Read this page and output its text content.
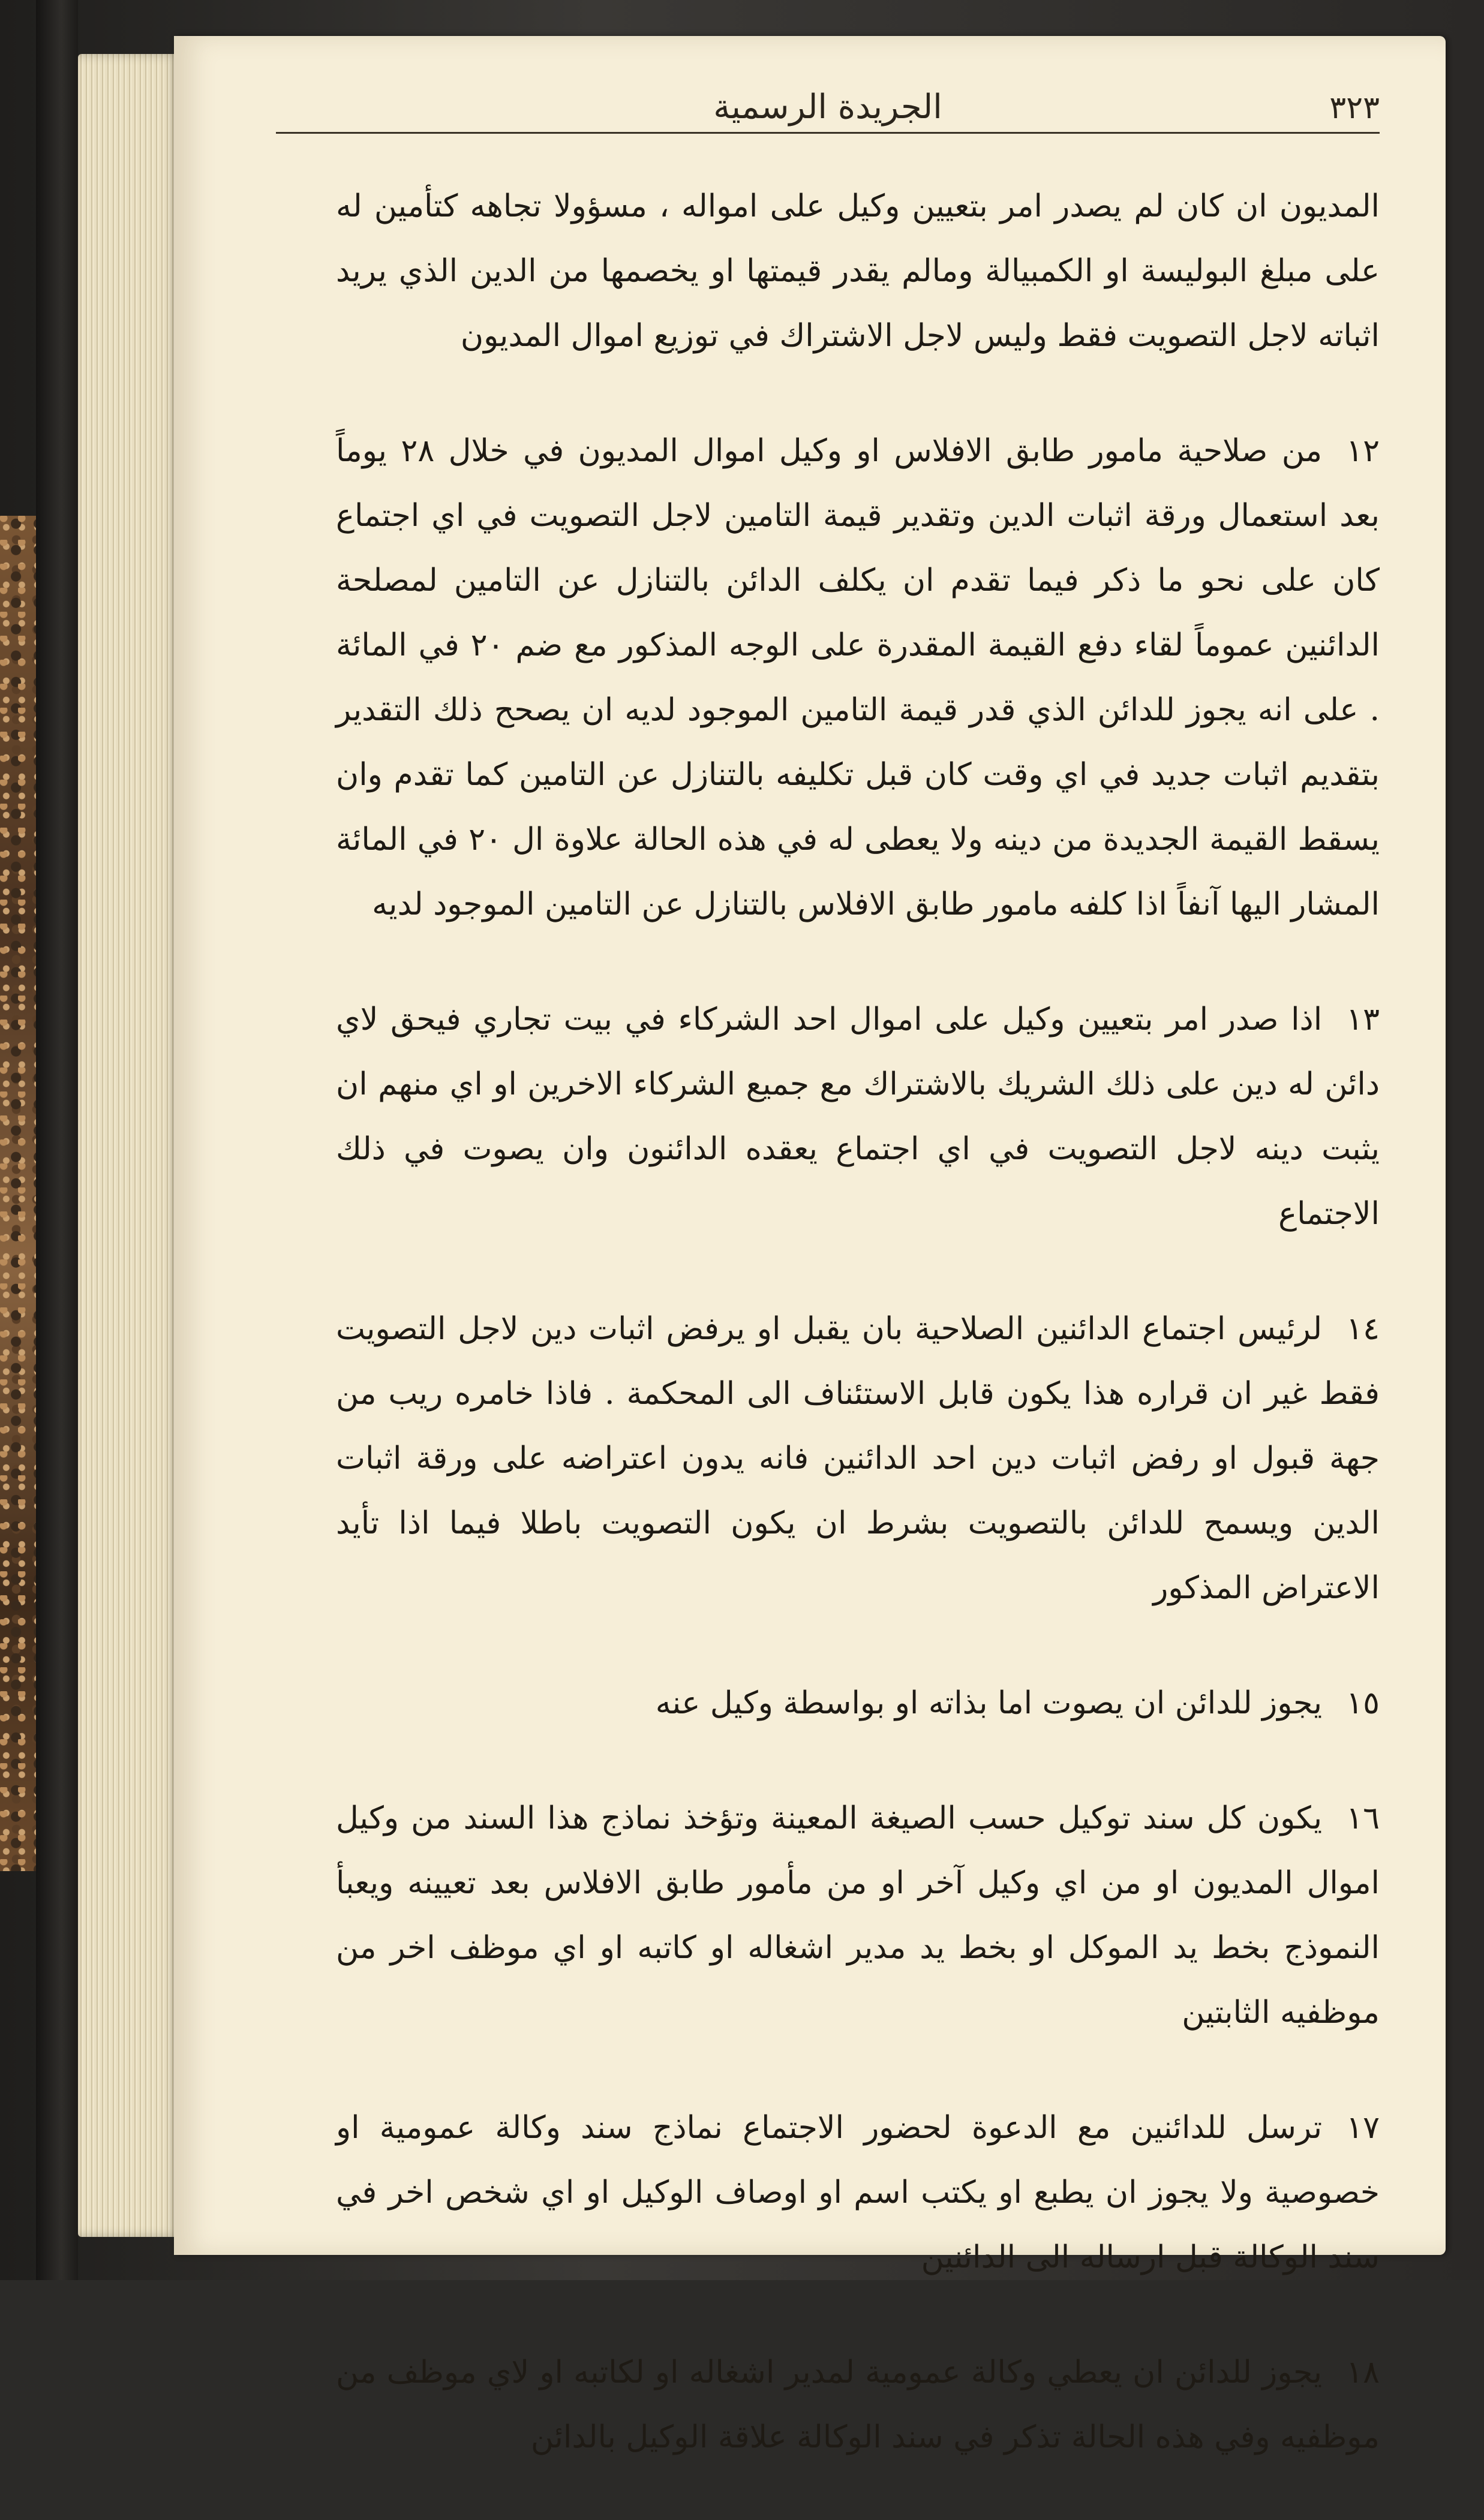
٣٢٣
الجريدة الرسمية

المديون ان كان لم يصدر امر بتعيين وكيل على امواله ، مسؤولا تجاهه كتأمين له على مبلغ البوليسة او الكمبيالة ومالم يقدر قيمتها او يخصمها من الدين الذي يريد اثباته لاجل التصويت فقط وليس لاجل الاشتراك في توزيع اموال المديون

١٢من صلاحية مامور طابق الافلاس او وكيل اموال المديون في خلال ٢٨ يوماً بعد استعمال ورقة اثبات الدين وتقدير قيمة التامين لاجل التصويت في اي اجتماع كان على نحو ما ذكر فيما تقدم ان يكلف الدائن بالتنازل عن التامين لمصلحة الدائنين عموماً لقاء دفع القيمة المقدرة على الوجه المذكور مع ضم ٢٠ في المائة . على انه يجوز للدائن الذي قدر قيمة التامين الموجود لديه ان يصحح ذلك التقدير بتقديم اثبات جديد في اي وقت كان قبل تكليفه بالتنازل عن التامين كما تقدم وان يسقط القيمة الجديدة من دينه ولا يعطى له في هذه الحالة علاوة ال ٢٠ في المائة المشار اليها آنفاً اذا كلفه مامور طابق الافلاس بالتنازل عن التامين الموجود لديه

١٣اذا صدر امر بتعيين وكيل على اموال احد الشركاء في بيت تجاري فيحق لاي دائن له دين على ذلك الشريك بالاشتراك مع جميع الشركاء الاخرين او اي منهم ان يثبت دينه لاجل التصويت في اي اجتماع يعقده الدائنون وان يصوت في ذلك الاجتماع

١٤لرئيس اجتماع الدائنين الصلاحية بان يقبل او يرفض اثبات دين لاجل التصويت فقط غير ان قراره هذا يكون قابل الاستئناف الى المحكمة . فاذا خامره ريب من جهة قبول او رفض اثبات دين احد الدائنين فانه يدون اعتراضه على ورقة اثبات الدين ويسمح للدائن بالتصويت بشرط ان يكون التصويت باطلا فيما اذا تأيد الاعتراض المذكور

١٥يجوز للدائن ان يصوت اما بذاته او بواسطة وكيل عنه

١٦يكون كل سند توكيل حسب الصيغة المعينة وتؤخذ نماذج هذا السند من وكيل اموال المديون او من اي وكيل آخر او من مأمور طابق الافلاس بعد تعيينه ويعبأ النموذج بخط يد الموكل او بخط يد مدير اشغاله او كاتبه او اي موظف اخر من موظفيه الثابتين

١٧ترسل للدائنين مع الدعوة لحضور الاجتماع نماذج سند وكالة عمومية او خصوصية ولا يجوز ان يطبع او يكتب اسم او اوصاف الوكيل او اي شخص اخر في سند الوكالة قبل ارساله الى الدائنين

١٨يجوز للدائن ان يعطي وكالة عمومية لمدير اشغاله او لكاتبه او لاي موظف من موظفيه وفي هذه الحالة تذكر في سند الوكالة علاقة الوكيل بالدائن
